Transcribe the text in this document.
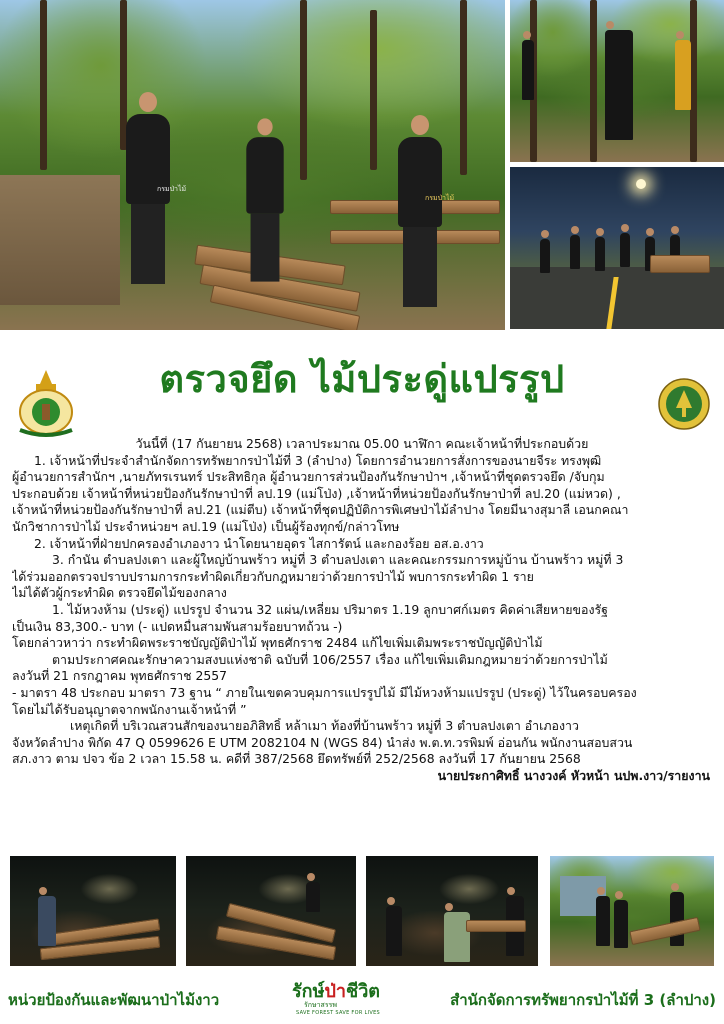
กรมป่าไม้
กรมป่าไม้
ตรวจยึด ไม้ประดู่แปรรูป
วันนี้ที่ (17 กันยายน 2568) เวลาประมาณ 05.00 นาฬิกา คณะเจ้าหน้าที่ประกอบด้วย
1. เจ้าหน้าที่ประจำสำนักจัดการทรัพยากรป่าไม้ที่ 3 (ลำปาง) โดยการอำนวยการสั่งการของนายจีระ ทรงพุฒิ
ผู้อำนวยการสำนักฯ ,นายภัทรเรนทร์ ประสิทธิกุล ผู้อำนวยการส่วนป้องกันรักษาป่าฯ ,เจ้าหน้าที่ชุดตรวจยึด /จับกุม
ประกอบด้วย เจ้าหน้าที่หน่วยป้องกันรักษาป่าที่ ลป.19 (แม่โป่ง) ,เจ้าหน้าที่หน่วยป้องกันรักษาป่าที่ ลป.20 (แม่หวด) ,
เจ้าหน้าที่หน่วยป้องกันรักษาป่าที่ ลป.21 (แม่ตีบ) เจ้าหน้าที่ชุดปฏิบัติการพิเศษป่าไม้ลำปาง โดยมีนางสุมาลี เอนกคณา
นักวิชาการป่าไม้ ประจำหน่วยฯ ลป.19 (แม่โป่ง) เป็นผู้ร้องทุกข์/กล่าวโทษ
2. เจ้าหน้าที่ฝ่ายปกครองอำเภองาว นำโดยนายอุดร ไสการัตน์ และกองร้อย อส.อ.งาว
3. กำนัน ตำบลปงเตา และผู้ใหญ่บ้านพร้าว หมู่ที่ 3 ตำบลปงเตา และคณะกรรมการหมู่บ้าน บ้านพร้าว หมู่ที่ 3
ได้ร่วมออกตรวจปราบปรามการกระทำผิดเกี่ยวกับกฎหมายว่าด้วยการป่าไม้ พบการกระทำผิด 1 ราย
ไม่ได้ตัวผู้กระทำผิด ตรวจยึดไม้ของกลาง
1. ไม้หวงห้าม (ประดู่) แปรรูป จำนวน 32 แผ่น/เหลี่ยม ปริมาตร 1.19 ลูกบาศก์เมตร คิดค่าเสียหายของรัฐ
เป็นเงิน 83,300.- บาท (- แปดหมื่นสามพันสามร้อยบาทถ้วน -)
โดยกล่าวหาว่า กระทำผิดพระราชบัญญัติป่าไม้ พุทธศักราช 2484 แก้ไขเพิ่มเติมพระราชบัญญัติป่าไม้
ตามประกาศคณะรักษาความสงบแห่งชาติ ฉบับที่ 106/2557 เรื่อง แก้ไขเพิ่มเติมกฎหมายว่าด้วยการป่าไม้
ลงวันที่ 21 กรกฎาคม พุทธศักราช 2557
- มาตรา 48 ประกอบ มาตรา 73 ฐาน “ ภายในเขตควบคุมการแปรรูปไม้ มีไม้หวงห้ามแปรรูป (ประดู่) ไว้ในครอบครอง
โดยไม่ได้รับอนุญาตจากพนักงานเจ้าหน้าที่ ”
เหตุเกิดที่ บริเวณสวนสักของนายอภิสิทธิ์ หล้าเมา ท้องที่บ้านพร้าว หมู่ที่ 3 ตำบลปงเตา อำเภองาว
จังหวัดลำปาง พิกัด 47 Q 0599626 E UTM 2082104 N (WGS 84) นำส่ง พ.ต.ท.วรพิมพ์ อ่อนกัน พนักงานสอบสวน
สภ.งาว ตาม ปจว ข้อ 2 เวลา 15.58 น. คดีที่ 387/2568 ยึดทรัพย์ที่ 252/2568 ลงวันที่ 17 กันยายน 2568
นายประกาศิทธิ์ นางวงค์ หัวหน้า นปพ.งาว/รายงาน
หน่วยป้องกันและพัฒนาป่าไม้งาว	รักษ์ป่าชีวิต
รักษาสรรพ
SAVE FOREST SAVE FOR LIVES
สำนักจัดการทรัพยากรป่าไม้ที่ 3 (ลำปาง)
